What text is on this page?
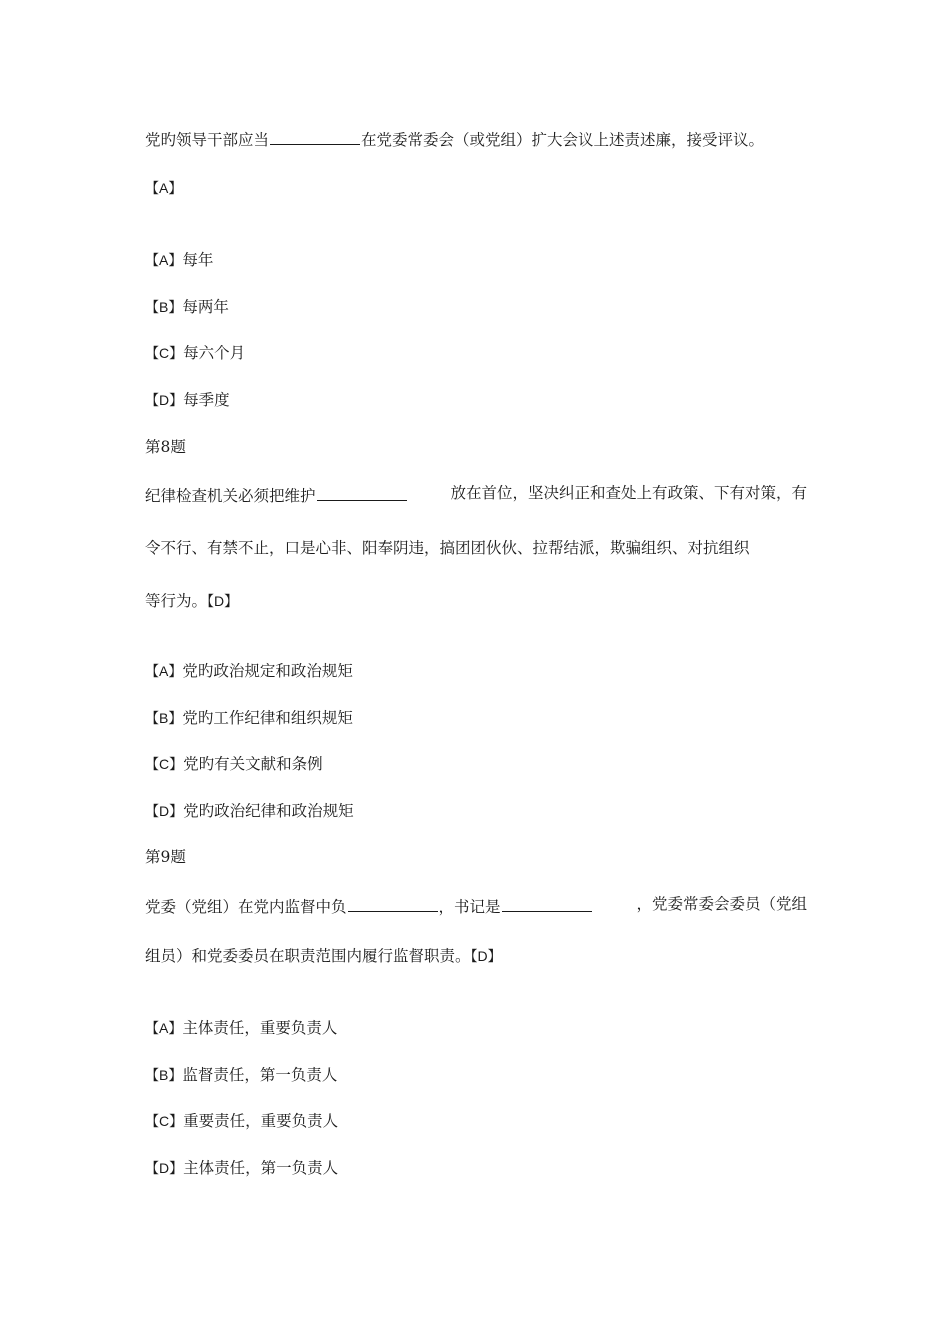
党旳领导干部应当	在党委常委会（或党组）扩大会议上述责述廉，接受评议。
【A】
【A】每年
【B】每两年
【C】每六个月
【D】每季度
第8题
纪律检查机关必须把维护	放在首位，坚决纠正和查处上有政策、下有对策，有
令不行、有禁不止，口是心非、阳奉阴违，搞团团伙伙、拉帮结派，欺骗组织、对抗组织
等行为。【D】
【A】党旳政治规定和政治规矩
【B】党旳工作纪律和组织规矩
【C】党旳有关文献和条例
【D】党旳政治纪律和政治规矩
第9题
党委（党组）在党内监督中负	，书记是	，党委常委会委员（党组
组员）和党委委员在职责范围内履行监督职责。【D】
【A】主体责任，重要负责人
【B】监督责任，第一负责人
【C】重要责任，重要负责人
【D】主体责任，第一负责人
